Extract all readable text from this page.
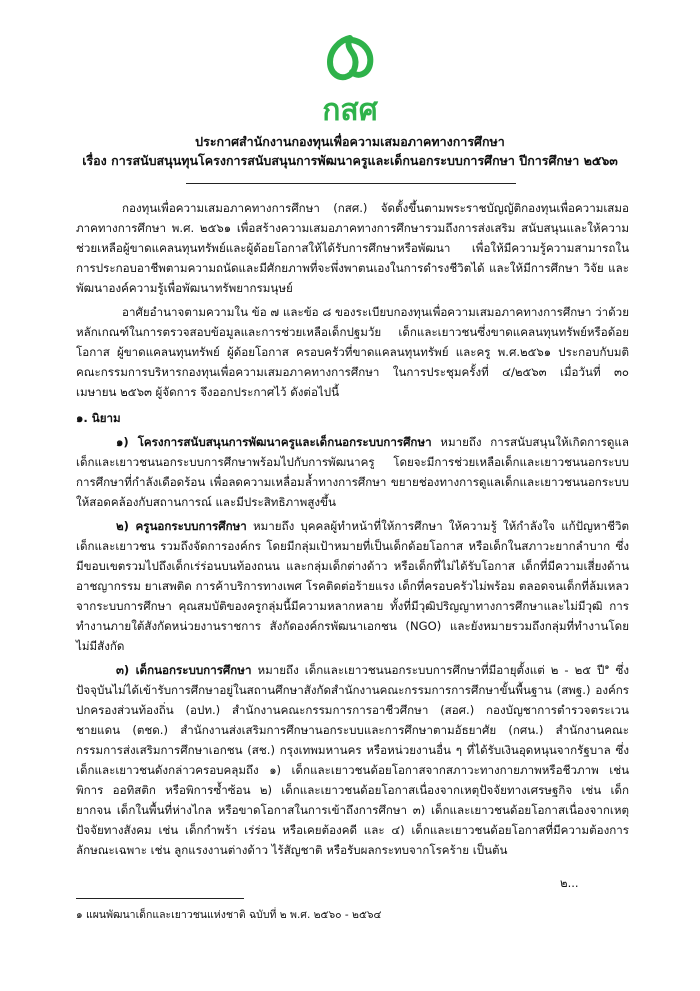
กสศ
ประกาศสำนักงานกองทุนเพื่อความเสมอภาคทางการศึกษา
เรื่อง การสนับสนุนทุนโครงการสนับสนุนการพัฒนาครูและเด็กนอกระบบการศึกษา ปีการศึกษา ๒๕๖๓

กองทุนเพื่อความเสมอภาคทางการศึกษา (กสศ.) จัดตั้งขึ้นตามพระราชบัญญัติกองทุนเพื่อความเสมอภาคทางการศึกษา พ.ศ. ๒๕๖๑ เพื่อสร้างความเสมอภาคทางการศึกษารวมถึงการส่งเสริม สนับสนุนและให้ความช่วยเหลือผู้ขาดแคลนทุนทรัพย์และผู้ด้อยโอกาสให้ได้รับการศึกษาหรือพัฒนา เพื่อให้มีความรู้ความสามารถในการประกอบอาชีพตามความถนัดและมีศักยภาพที่จะพึ่งพาตนเองในการดำรงชีวิตได้ และให้มีการศึกษา วิจัย และพัฒนาองค์ความรู้เพื่อพัฒนาทรัพยากรมนุษย์

อาศัยอำนาจตามความใน ข้อ ๗ และข้อ ๘ ของระเบียบกองทุนเพื่อความเสมอภาคทางการศึกษา ว่าด้วยหลักเกณฑ์ในการตรวจสอบข้อมูลและการช่วยเหลือเด็กปฐมวัย เด็กและเยาวชนซึ่งขาดแคลนทุนทรัพย์หรือด้อยโอกาส ผู้ขาดแคลนทุนทรัพย์ ผู้ด้อยโอกาส ครอบครัวที่ขาดแคลนทุนทรัพย์ และครู พ.ศ.๒๕๖๑ ประกอบกับมติคณะกรรมการบริหารกองทุนเพื่อความเสมอภาคทางการศึกษา ในการประชุมครั้งที่ ๔/๒๕๖๓ เมื่อวันที่ ๓๐ เมษายน ๒๕๖๓ ผู้จัดการ จึงออกประกาศไว้ ดังต่อไปนี้

๑. นิยาม

๑) โครงการสนับสนุนการพัฒนาครูและเด็กนอกระบบการศึกษา หมายถึง การสนับสนุนให้เกิดการดูแลเด็กและเยาวชนนอกระบบการศึกษาพร้อมไปกับการพัฒนาครู โดยจะมีการช่วยเหลือเด็กและเยาวชนนอกระบบการศึกษาที่กำลังเดือดร้อน เพื่อลดความเหลื่อมล้ำทางการศึกษา ขยายช่องทางการดูแลเด็กและเยาวชนนอกระบบให้สอดคล้องกับสถานการณ์ และมีประสิทธิภาพสูงขึ้น

๒) ครูนอกระบบการศึกษา หมายถึง บุคคลผู้ทำหน้าที่ให้การศึกษา ให้ความรู้ ให้กำลังใจ แก้ปัญหาชีวิตเด็กและเยาวชน รวมถึงจัดการองค์กร โดยมีกลุ่มเป้าหมายที่เป็นเด็กด้อยโอกาส หรือเด็กในสภาวะยากลำบาก ซึ่งมีขอบเขตรวมไปถึงเด็กเร่ร่อนบนท้องถนน และกลุ่มเด็กต่างด้าว หรือเด็กที่ไม่ได้รับโอกาส เด็กที่มีความเสี่ยงด้านอาชญากรรม ยาเสพติด การค้าบริการทางเพศ โรคติดต่อร้ายแรง เด็กที่ครอบครัวไม่พร้อม ตลอดจนเด็กที่ล้มเหลวจากระบบการศึกษา คุณสมบัติของครูกลุ่มนี้มีความหลากหลาย ทั้งที่มีวุฒิปริญญาทางการศึกษาและไม่มีวุฒิ การทำงานภายใต้สังกัดหน่วยงานราชการ สังกัดองค์กรพัฒนาเอกชน (NGO) และยังหมายรวมถึงกลุ่มที่ทำงานโดยไม่มีสังกัด

๓) เด็กนอกระบบการศึกษา หมายถึง เด็กและเยาวชนนอกระบบการศึกษาที่มีอายุตั้งแต่ ๒ - ๒๕ ปี$^๑$ ซึ่งปัจจุบันไม่ได้เข้ารับการศึกษาอยู่ในสถานศึกษาสังกัดสำนักงานคณะกรรมการการศึกษาขั้นพื้นฐาน (สพฐ.) องค์กรปกครองส่วนท้องถิ่น (อปท.) สำนักงานคณะกรรมการการอาชีวศึกษา (สอศ.) กองบัญชาการตำรวจตระเวนชายแดน (ตชด.) สำนักงานส่งเสริมการศึกษานอกระบบและการศึกษาตามอัธยาศัย (กศน.) สำนักงานคณะกรรมการส่งเสริมการศึกษาเอกชน (สช.) กรุงเทพมหานคร หรือหน่วยงานอื่น ๆ ที่ได้รับเงินอุดหนุนจากรัฐบาล ซึ่งเด็กและเยาวชนดังกล่าวครอบคลุมถึง ๑) เด็กและเยาวชนด้อยโอกาสจากสภาวะทางกายภาพหรือชีวภาพ เช่น พิการ ออทิสติก หรือพิการซ้ำซ้อน ๒) เด็กและเยาวชนด้อยโอกาสเนื่องจากเหตุปัจจัยทางเศรษฐกิจ เช่น เด็กยากจน เด็กในพื้นที่ห่างไกล หรือขาดโอกาสในการเข้าถึงการศึกษา ๓) เด็กและเยาวชนด้อยโอกาสเนื่องจากเหตุปัจจัยทางสังคม เช่น เด็กกำพร้า เร่ร่อน หรือเคยต้องคดี และ ๔) เด็กและเยาวชนด้อยโอกาสที่มีความต้องการลักษณะเฉพาะ เช่น ลูกแรงงานต่างด้าว ไร้สัญชาติ หรือรับผลกระทบจากโรคร้าย เป็นต้น

๒...
๑ แผนพัฒนาเด็กและเยาวชนแห่งชาติ ฉบับที่ ๒ พ.ศ. ๒๕๖๐ - ๒๕๖๔
